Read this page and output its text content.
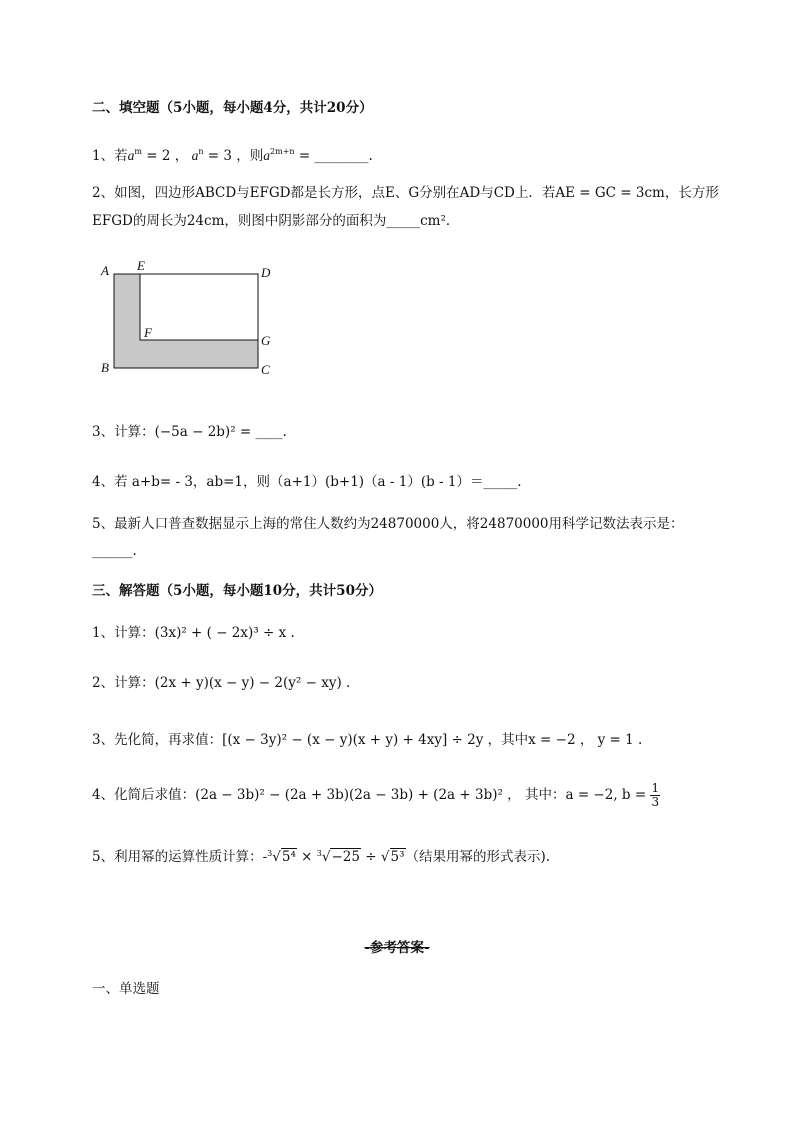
二、填空题（5小题，每小题4分，共计20分）
1、若$a^m = 2$ ， $a^n = 3$ ，则$a^{2m+n}$ = ________.
2、如图，四边形ABCD与EFGD都是长方形，点E、G分别在AD与CD上．若AE = GC = 3cm，长方形
EFGD的周长为24cm，则图中阴影部分的面积为_____cm²．
A E	D
F
G
B	C
3、计算：(−5a − 2b)² = ____.
4、若 a+b= - 3，ab=1，则（a+1）(b+1)（a - 1）(b - 1）＝_____.
5、最新人口普查数据显示上海的常住人数约为24870000人，将24870000用科学记数法表示是：
______.
三、解答题（5小题，每小题10分，共计50分）
1、计算：(3x)² + ( − 2x)³ ÷ x .
2、计算：(2x + y)(x − y) − 2(y² − xy) .
3、先化简，再求值：[(x − 3y)² − (x − y)(x + y) + 4xy] ÷ 2y ，其中x = −2 ， y = 1 .
4、化简后求值：(2a − 3b)² − (2a + 3b)(2a − 3b) + (2a + 3b)² ， 其中：a = −2, $b = \frac{1}{3}$
5、利用幂的运算性质计算：-$^3$√5⁴ × $^3$√−25 ÷ √5³（结果用幂的形式表示).
-参考答案-
一、单选题
